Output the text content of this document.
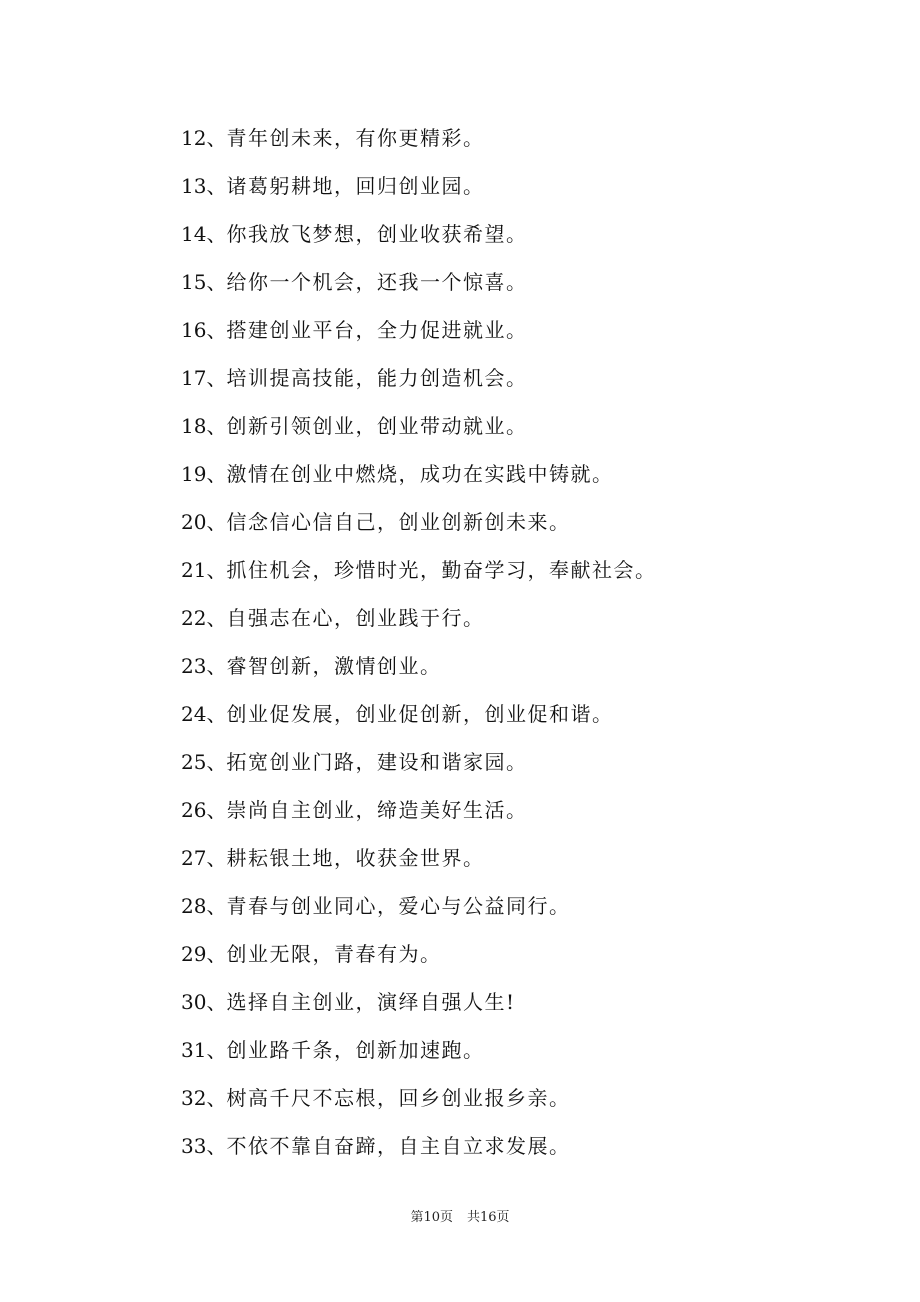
12、青年创未来，有你更精彩。
13、诸葛躬耕地，回归创业园。
14、你我放飞梦想，创业收获希望。
15、给你一个机会，还我一个惊喜。
16、搭建创业平台，全力促进就业。
17、培训提高技能，能力创造机会。
18、创新引领创业，创业带动就业。
19、激情在创业中燃烧，成功在实践中铸就。
20、信念信心信自己，创业创新创未来。
21、抓住机会，珍惜时光，勤奋学习，奉献社会。
22、自强志在心，创业践于行。
23、睿智创新，激情创业。
24、创业促发展，创业促创新，创业促和谐。
25、拓宽创业门路，建设和谐家园。
26、崇尚自主创业，缔造美好生活。
27、耕耘银土地，收获金世界。
28、青春与创业同心，爱心与公益同行。
29、创业无限，青春有为。
30、选择自主创业，演绎自强人生!
31、创业路千条，创新加速跑。
32、树高千尺不忘根，回乡创业报乡亲。
33、不依不靠自奋蹄，自主自立求发展。
第10页 共16页
